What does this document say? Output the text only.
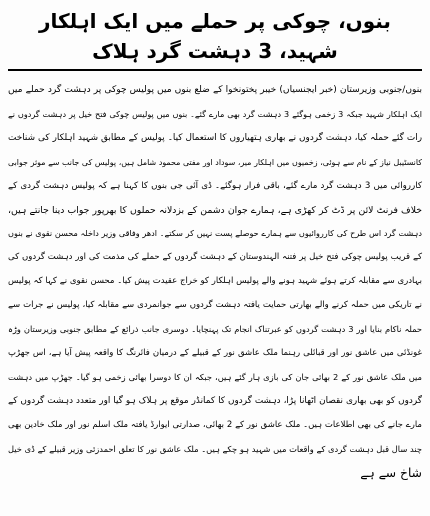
بنوں، چوکی پر حملے میں ایک اہلکار شہید، 3 دہشت گرد ہلاک
بنوں/جنوبی وزیرستان (خبر ایجنسیاں) خیبر پختونخوا کے ضلع بنوں میں پولیس چوکی پر دہشت گرد حملے میں
ایک اہلکار شہید جبکہ 3 زخمی ہوگئے 3 دہشت گرد بھی مارے گئے۔ بنوں میں پولیس چوکی فتح خیل پر دہشت گردوں نے
رات گئے حملہ کیا، دہشت گردوں نے بھاری ہتھیاروں کا استعمال کیا۔ پولیس کے مطابق شہید اہلکار کی شناخت
کانسٹیبل نیاز کے نام سے ہوئی، زخمیوں میں اہلکار میر، سوداد اور مفتی محمود شامل ہیں، پولیس کی جانب سے موثر جوابی
کارروائی میں 3 دہشت گرد مارے گئے، باقی فرار ہوگئے۔ ڈی آئی جی بنوں کا کہنا ہے کہ پولیس دہشت گردی کے
خلاف فرنٹ لائن پر ڈٹ کر کھڑی ہے، ہمارے جوان دشمن کے بزدلانہ حملوں کا بھرپور جواب دینا جانتے ہیں،
دہشت گرد اس طرح کی کارروائیوں سے ہمارے حوصلے پست نہیں کر سکتے۔ ادھر وفاقی وزیر داخلہ محسن نقوی نے بنوں
کے قریب پولیس چوکی فتح خیل پر فتنہ الہندوستان کے دہشت گردوں کے حملے کی مذمت کی اور دہشت گردوں کی
بہادری سے مقابلہ کرتے ہوئے شہید ہونے والے پولیس اہلکار کو خراج عقیدت پیش کیا۔ محسن نقوی نے کہا کہ پولیس
نے تاریکی میں حملہ کرنے والے بھارتی حمایت یافتہ دہشت گردوں سے جوانمردی سے مقابلہ کیا، پولیس نے جرات سے
حملہ ناکام بنایا اور 3 دہشت گردوں کو عبرتناک انجام تک پہنچایا۔ دوسری جانب ذرائع کے مطابق جنوبی وزیرستان وڑہ
غونڈئی میں عاشق نور اور قبائلی رہنما ملک عاشق نور کے قبیلے کے درمیان فائرنگ کا واقعہ پیش آیا ہے، اس جھڑپ
میں ملک عاشق نور کے 2 بھائی جان کی بازی ہار گئے ہیں، جبکہ ان کا دوسرا بھائی زخمی ہو گیا۔ جھڑپ میں دہشت
گردوں کو بھی بھاری نقصان اٹھانا پڑا، دہشت گردوں کا کمانڈر موقع پر ہلاک ہو گیا اور متعدد دہشت گردوں کے
مارے جانے کی بھی اطلاعات ہیں۔ ملک عاشق نور کے 2 بھائی، صدارتی ایوارڈ یافتہ ملک اسلم نور اور ملک خادین بھی
چند سال قبل دہشت گردی کے واقعات میں شہید ہو چکے ہیں۔ ملک عاشق نور کا تعلق احمدزئی وزیر قبیلے کے ڈی خیل
شاخ سے ہے
